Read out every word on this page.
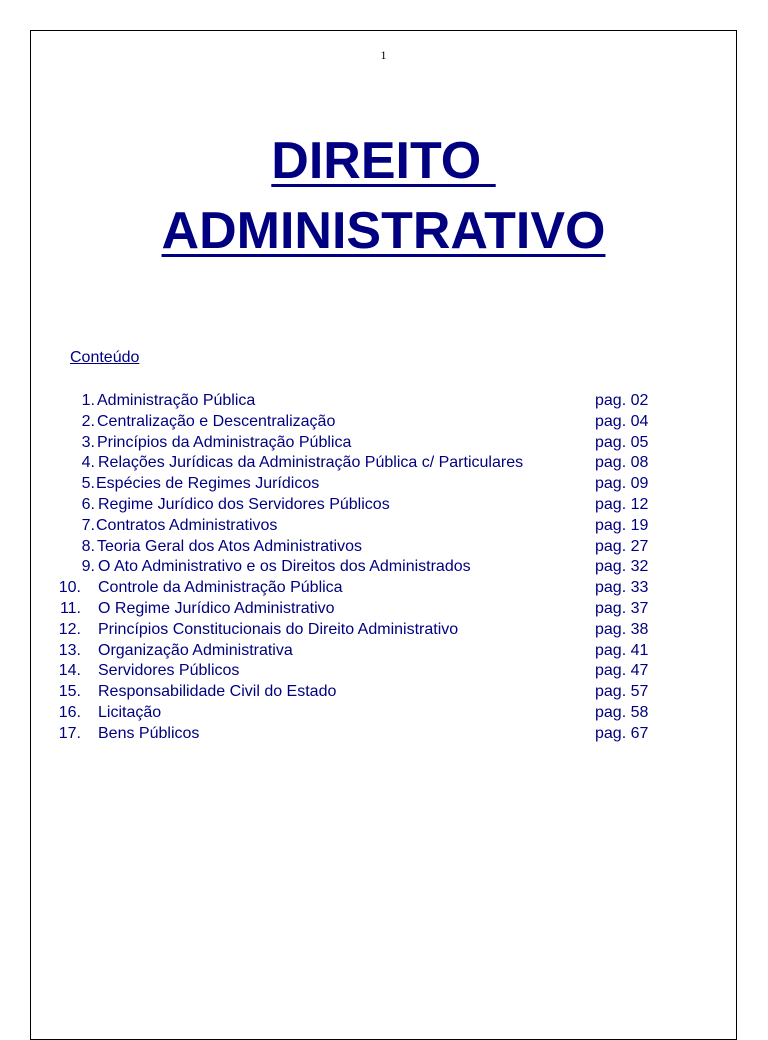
1
DIREITO
ADMINISTRATIVO
Conteúdo
1. Administração Pública	pag. 02
2. Centralização e Descentralização	pag. 04
3. Princípios da Administração Pública	pag. 05
4. Relações Jurídicas da Administração Pública c/ Particulares	pag. 08
5. Espécies de Regimes Jurídicos	pag. 09
6. Regime Jurídico dos Servidores Públicos	pag. 12
7. Contratos Administrativos	pag. 19
8. Teoria Geral dos Atos Administrativos	pag. 27
9. O Ato Administrativo e os Direitos dos Administrados	pag. 32
10. Controle da Administração Pública	pag. 33
11. O Regime Jurídico Administrativo	pag. 37
12. Princípios Constitucionais do Direito Administrativo	pag. 38
13. Organização Administrativa	pag. 41
14. Servidores Públicos	pag. 47
15. Responsabilidade Civil do Estado	pag. 57
16. Licitação	pag. 58
17. Bens Públicos	pag. 67
